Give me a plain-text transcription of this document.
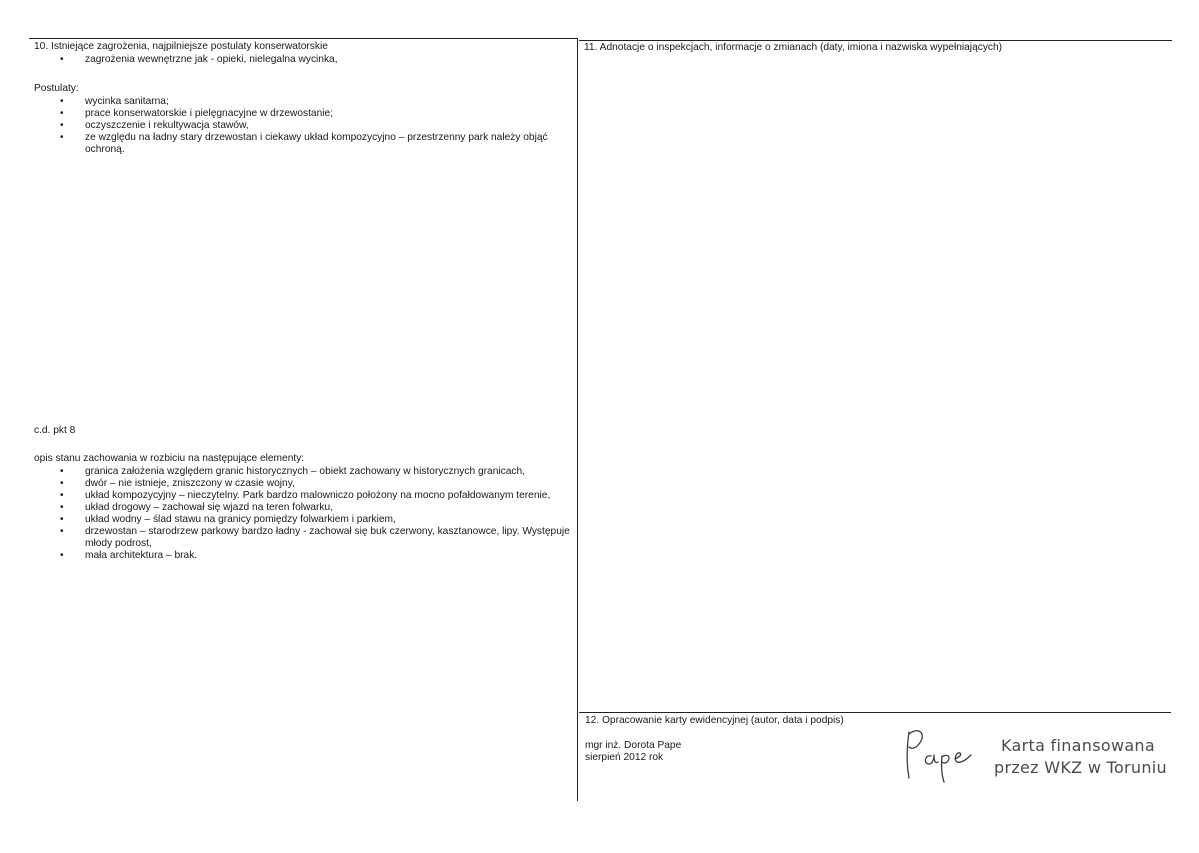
10. Istniejące zagrożenia, najpilniejsze postulaty konserwatorskie
• zagrożenia wewnętrzne jak - opieki, nielegalna wycinka,
Postulaty:
• wycinka sanitarna;
• prace konserwatorskie i pielęgnacyjne w drzewostanie;
• oczyszczenie i rekultywacja stawów,
• ze względu na ładny stary drzewostan i ciekawy układ kompozycyjno – przestrzenny park należy objąć ochroną.
c.d. pkt 8
opis stanu zachowania w rozbiciu na następujące elementy:
• granica założenia względem granic historycznych – obiekt zachowany w historycznych granicach,
• dwór – nie istnieje, zniszczony w czasie wojny,
• układ kompozycyjny – nieczytelny. Park bardzo malowniczo położony na mocno pofałdowanym terenie,
• układ drogowy – zachował się wjazd na teren folwarku,
• układ wodny – ślad stawu na granicy pomiędzy folwarkiem i parkiem,
• drzewostan – starodrzew parkowy bardzo ładny - zachował się buk czerwony, kasztanowce, lipy. Występuje młody podrost,
• mała architektura – brak.
11. Adnotacje o inspekcjach, informacje o zmianach (daty, imiona i nazwiska wypełniających)
12. Opracowanie karty ewidencyjnej (autor, data i podpis)
mgr inż. Dorota Pape
sierpień 2012 rok
Karta finansowana
przez WKZ w Toruniu
